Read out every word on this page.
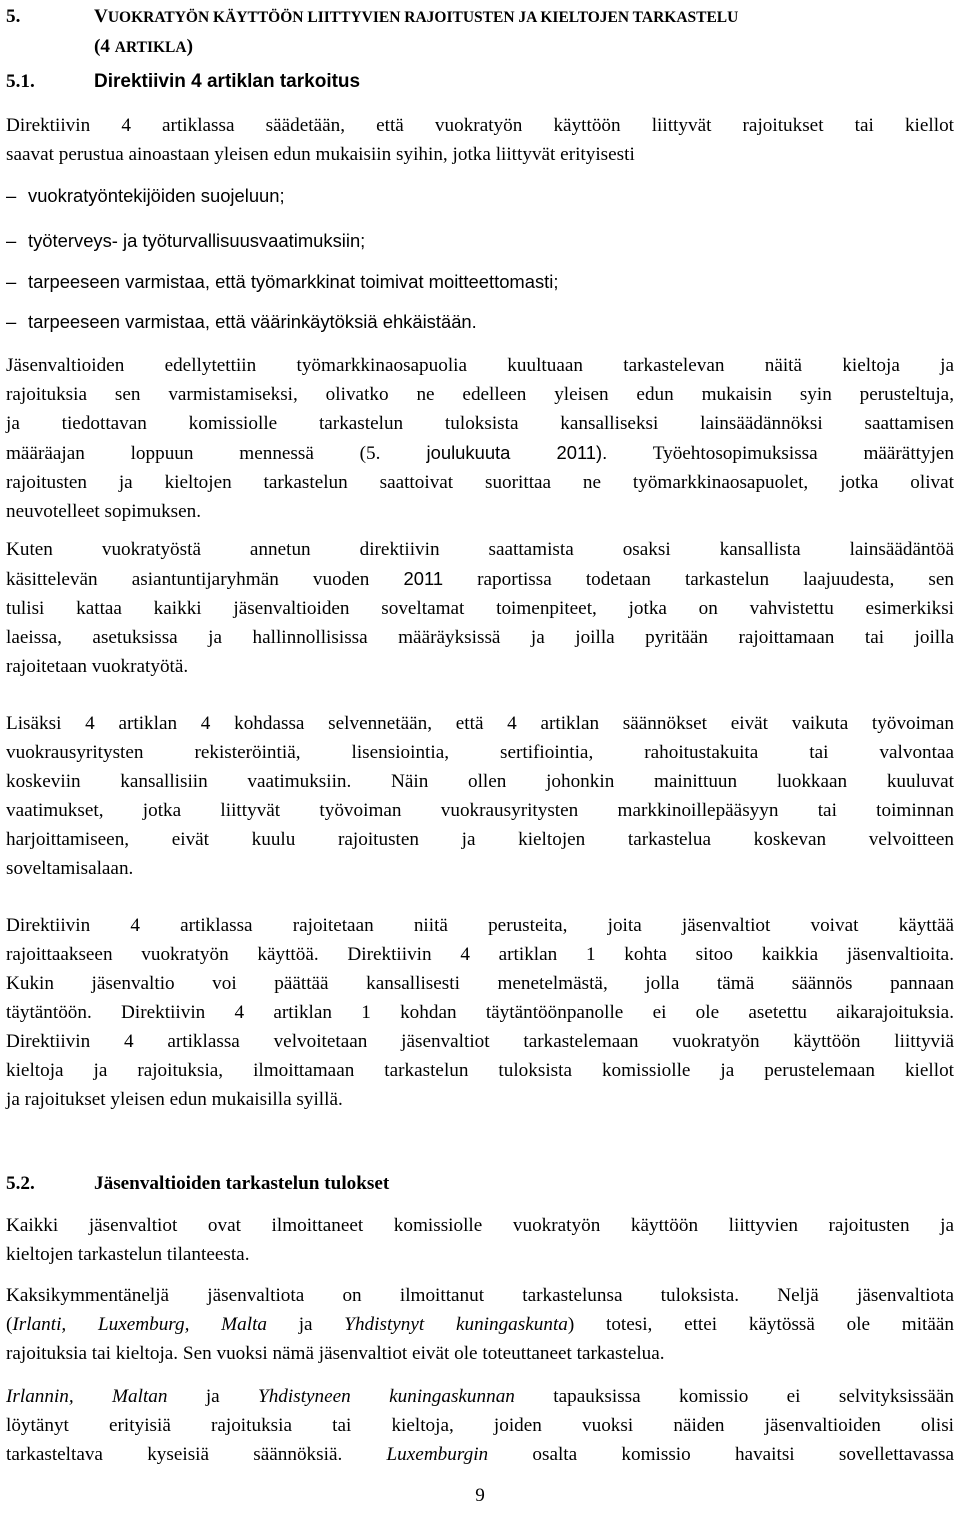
5.	VUOKRATYÖN KÄYTTÖÖN LIITTYVIEN RAJOITUSTEN JA KIELTOJEN TARKASTELU
(4 ARTIKLA)
5.1.	Direktiivin 4 artiklan tarkoitus
Direktiivin 4 artiklassa säädetään, että vuokratyön käyttöön liittyvät rajoitukset tai kiellot
saavat perustua ainoastaan yleisen edun mukaisiin syihin, jotka liittyvät erityisesti
– vuokratyöntekijöiden suojeluun;
– työterveys- ja työturvallisuusvaatimuksiin;
– tarpeeseen varmistaa, että työmarkkinat toimivat moitteettomasti;
– tarpeeseen varmistaa, että väärinkäytöksiä ehkäistään.
Jäsenvaltioiden edellytettiin työmarkkinaosapuolia kuultuaan tarkastelevan näitä kieltoja ja
rajoituksia sen varmistamiseksi, olivatko ne edelleen yleisen edun mukaisin syin perusteltuja,
ja tiedottavan komissiolle tarkastelun tuloksista kansalliseksi lainsäädännöksi saattamisen
määräajan loppuun mennessä (5. joulukuuta 2011). Työehtosopimuksissa määrättyjen
rajoitusten ja kieltojen tarkastelun saattoivat suorittaa ne työmarkkinaosapuolet, jotka olivat
neuvotelleet sopimuksen.
Kuten vuokratyöstä annetun direktiivin saattamista osaksi kansallista lainsäädäntöä
käsittelevän asiantuntijaryhmän vuoden 2011 raportissa todetaan tarkastelun laajuudesta, sen
tulisi kattaa kaikki jäsenvaltioiden soveltamat toimenpiteet, jotka on vahvistettu esimerkiksi
laeissa, asetuksissa ja hallinnollisissa määräyksissä ja joilla pyritään rajoittamaan tai joilla
rajoitetaan vuokratyötä.
Lisäksi 4 artiklan 4 kohdassa selvennetään, että 4 artiklan säännökset eivät vaikuta työvoiman
vuokrausyritysten rekisteröintiä, lisensiointia, sertifiointia, rahoitustakuita tai valvontaa
koskeviin kansallisiin vaatimuksiin. Näin ollen johonkin mainittuun luokkaan kuuluvat
vaatimukset, jotka liittyvät työvoiman vuokrausyritysten markkinoillepääsyyn tai toiminnan
harjoittamiseen, eivät kuulu rajoitusten ja kieltojen tarkastelua koskevan velvoitteen
soveltamisalaan.
Direktiivin 4 artiklassa rajoitetaan niitä perusteita, joita jäsenvaltiot voivat käyttää
rajoittaakseen vuokratyön käyttöä. Direktiivin 4 artiklan 1 kohta sitoo kaikkia jäsenvaltioita.
Kukin jäsenvaltio voi päättää kansallisesti menetelmästä, jolla tämä säännös pannaan
täytäntöön. Direktiivin 4 artiklan 1 kohdan täytäntöönpanolle ei ole asetettu aikarajoituksia.
Direktiivin 4 artiklassa velvoitetaan jäsenvaltiot tarkastelemaan vuokratyön käyttöön liittyviä
kieltoja ja rajoituksia, ilmoittamaan tarkastelun tuloksista komissiolle ja perustelemaan kiellot
ja rajoitukset yleisen edun mukaisilla syillä.
5.2.	Jäsenvaltioiden tarkastelun tulokset
Kaikki jäsenvaltiot ovat ilmoittaneet komissiolle vuokratyön käyttöön liittyvien rajoitusten ja
kieltojen tarkastelun tilanteesta.
Kaksikymmentäneljä jäsenvaltiota on ilmoittanut tarkastelunsa tuloksista. Neljä jäsenvaltiota
(Irlanti, Luxemburg, Malta ja Yhdistynyt kuningaskunta) totesi, ettei käytössä ole mitään
rajoituksia tai kieltoja. Sen vuoksi nämä jäsenvaltiot eivät ole toteuttaneet tarkastelua.
Irlannin, Maltan ja Yhdistyneen kuningaskunnan tapauksissa komissio ei selvityksissään
löytänyt erityisiä rajoituksia tai kieltoja, joiden vuoksi näiden jäsenvaltioiden olisi
tarkasteltava kyseisiä säännöksiä. Luxemburgin osalta komissio havaitsi sovellettavassa
9
